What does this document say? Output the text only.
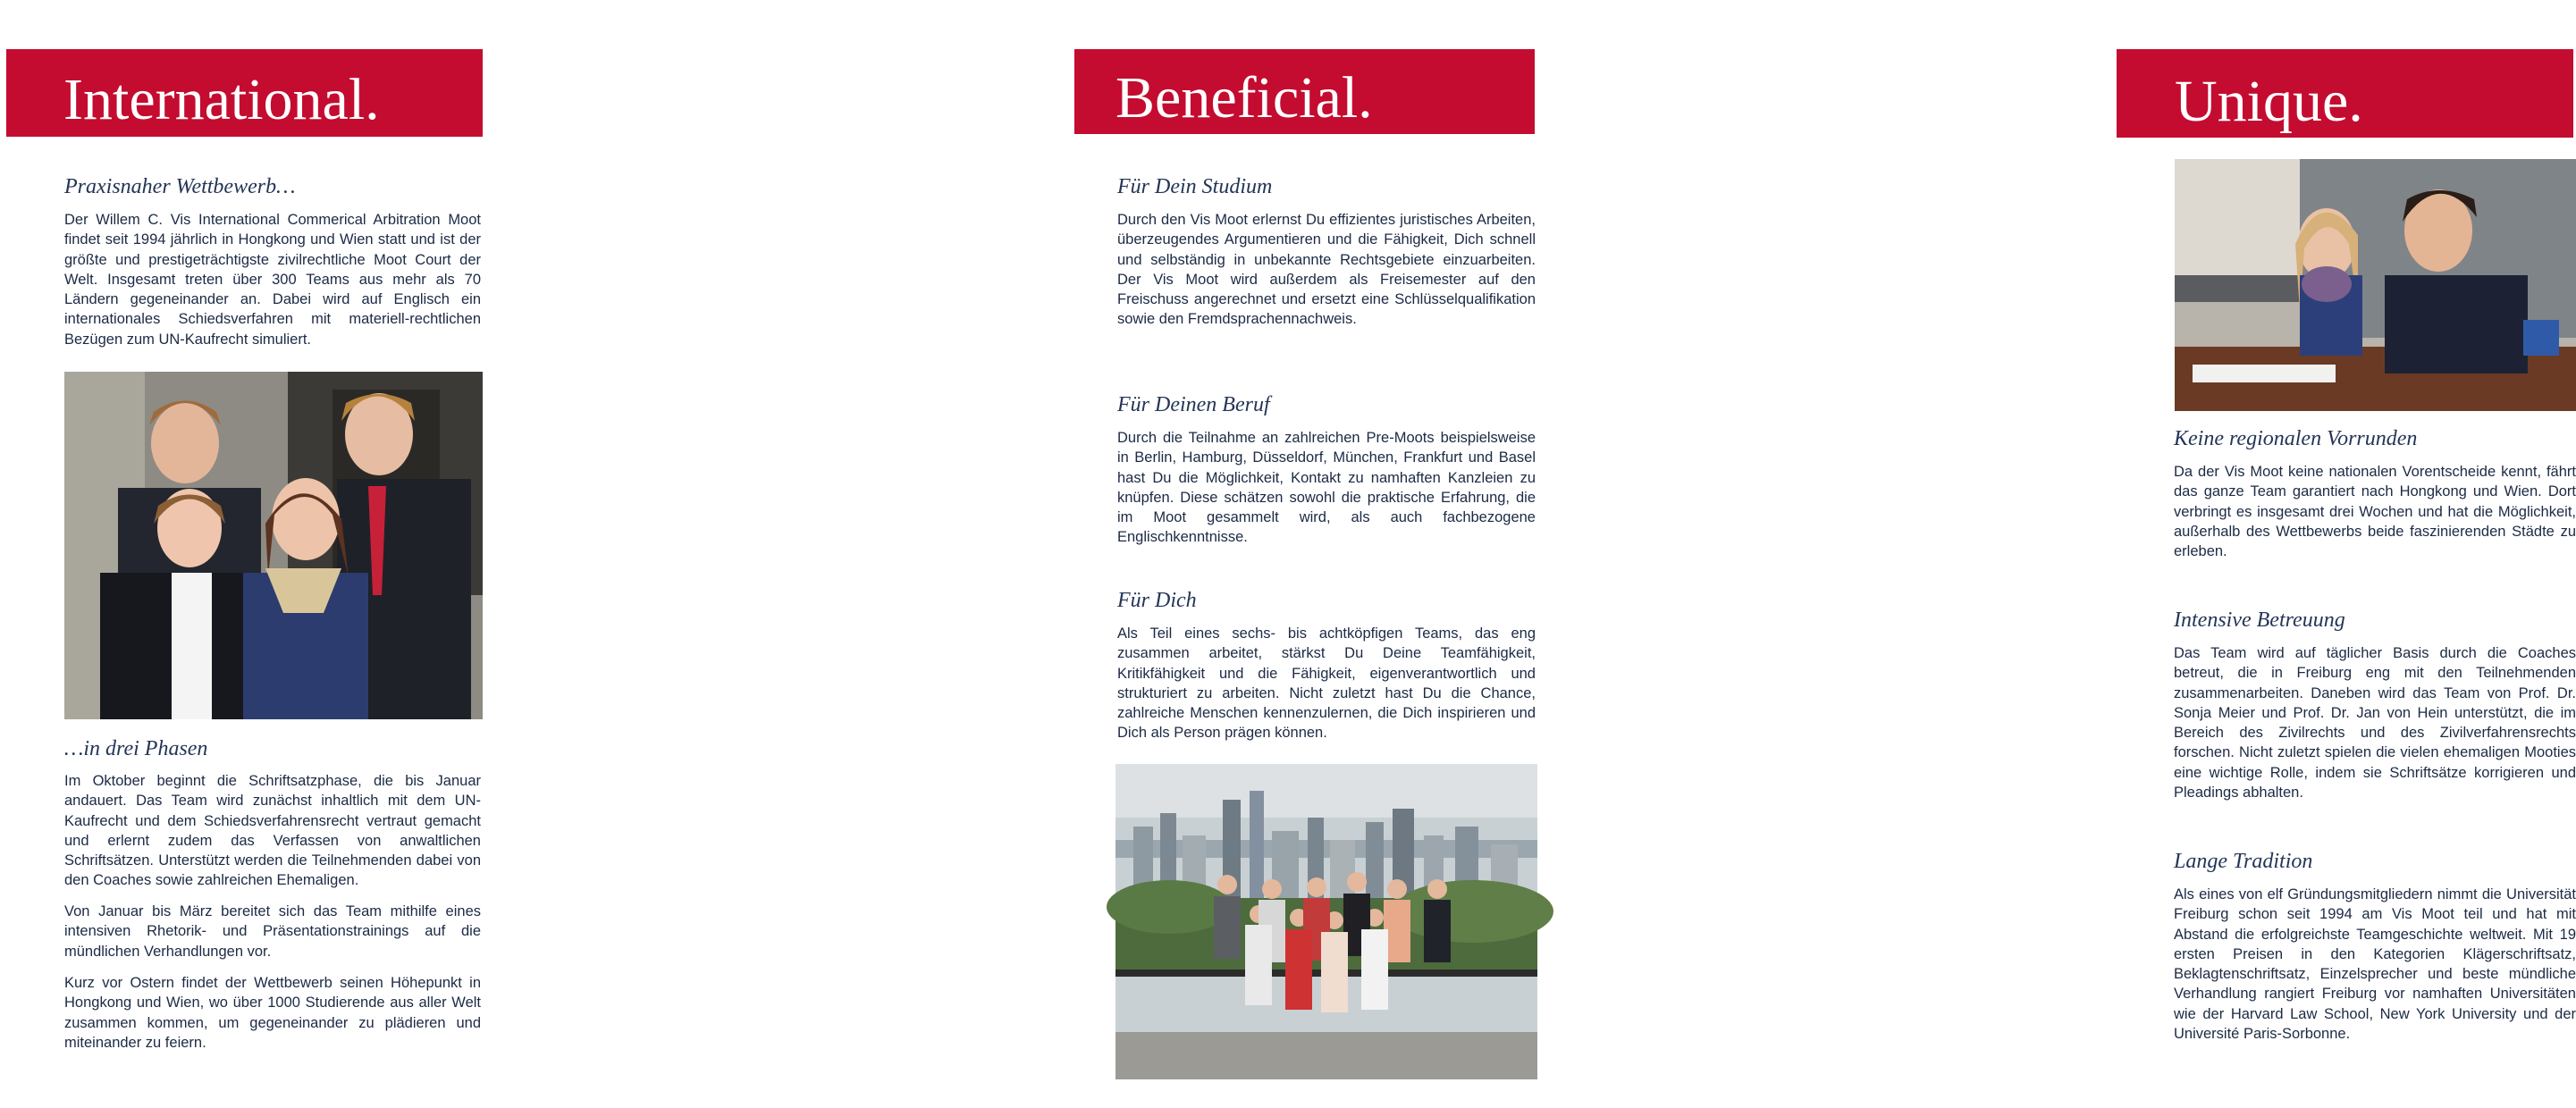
International.
Praxisnaher Wettbewerb…

Der Willem C. Vis International Commerical Arbitration Moot findet seit 1994 jährlich in Hongkong und Wien statt und ist der größte und prestigeträchtigste zivilrechtliche Moot Court der Welt. Insgesamt treten über 300 Teams aus mehr als 70 Ländern gegeneinander an. Dabei wird auf Englisch ein internationales Schiedsverfahren mit materiell-rechtlichen Bezügen zum UN-Kaufrecht simuliert.

…in drei Phasen

Im Oktober beginnt die Schriftsatzphase, die bis Januar andauert. Das Team wird zunächst inhaltlich mit dem UN-Kaufrecht und dem Schiedsverfahrensrecht vertraut gemacht und erlernt zudem das Verfassen von anwaltlichen Schriftsätzen. Unterstützt werden die Teilnehmenden dabei von den Coaches sowie zahlreichen Ehemaligen.

Von Januar bis März bereitet sich das Team mithilfe eines intensiven Rhetorik- und Präsentationstrainings auf die mündlichen Verhandlungen vor.

Kurz vor Ostern findet der Wettbewerb seinen Höhepunkt in Hongkong und Wien, wo über 1000 Studierende aus aller Welt zusammen kommen, um gegeneinander zu plädieren und miteinander zu feiern.

Beneficial.
Für Dein Studium

Durch den Vis Moot erlernst Du effizientes juristisches Arbeiten, überzeugendes Argumentieren und die Fähigkeit, Dich schnell und selbständig in unbekannte Rechtsgebiete einzuarbeiten. Der Vis Moot wird außerdem als Freisemester auf den Freischuss angerechnet und ersetzt eine Schlüsselqualifikation sowie den Fremdsprachennachweis.

Für Deinen Beruf

Durch die Teilnahme an zahlreichen Pre-Moots beispielsweise in Berlin, Hamburg, Düsseldorf, München, Frankfurt und Basel hast Du die Möglichkeit, Kontakt zu namhaften Kanzleien zu knüpfen. Diese schätzen sowohl die praktische Erfahrung, die im Moot gesammelt wird, als auch fachbezogene Englischkenntnisse.

Für Dich

Als Teil eines sechs- bis achtköpfigen Teams, das eng zusammen arbeitet, stärkst Du Deine Teamfähigkeit, Kritikfähigkeit und die Fähigkeit, eigenverantwortlich und strukturiert zu arbeiten. Nicht zuletzt hast Du die Chance, zahlreiche Menschen kennenzulernen, die Dich inspirieren und Dich als Person prägen können.

Unique.
Keine regionalen Vorrunden

Da der Vis Moot keine nationalen Vorentscheide kennt, fährt das ganze Team garantiert nach Hongkong und Wien. Dort verbringt es insgesamt drei Wochen und hat die Möglichkeit, außerhalb des Wettbewerbs beide faszinierenden Städte zu erleben.

Intensive Betreuung

Das Team wird auf täglicher Basis durch die Coaches betreut, die in Freiburg eng mit den Teilnehmenden zusammenarbeiten. Daneben wird das Team von Prof. Dr. Sonja Meier und Prof. Dr. Jan von Hein unterstützt, die im Bereich des Zivilrechts und des Zivilverfahrensrechts forschen. Nicht zuletzt spielen die vielen ehemaligen Mooties eine wichtige Rolle, indem sie Schriftsätze korrigieren und Pleadings abhalten.

Lange Tradition

Als eines von elf Gründungsmitgliedern nimmt die Universität Freiburg schon seit 1994 am Vis Moot teil und hat mit Abstand die erfolgreichste Teamgeschichte weltweit. Mit 19 ersten Preisen in den Kategorien Klägerschriftsatz, Beklagtenschriftsatz, Einzelsprecher und beste mündliche Verhandlung rangiert Freiburg vor namhaften Universitäten wie der Harvard Law School, New York University und der Université Paris-Sorbonne.
